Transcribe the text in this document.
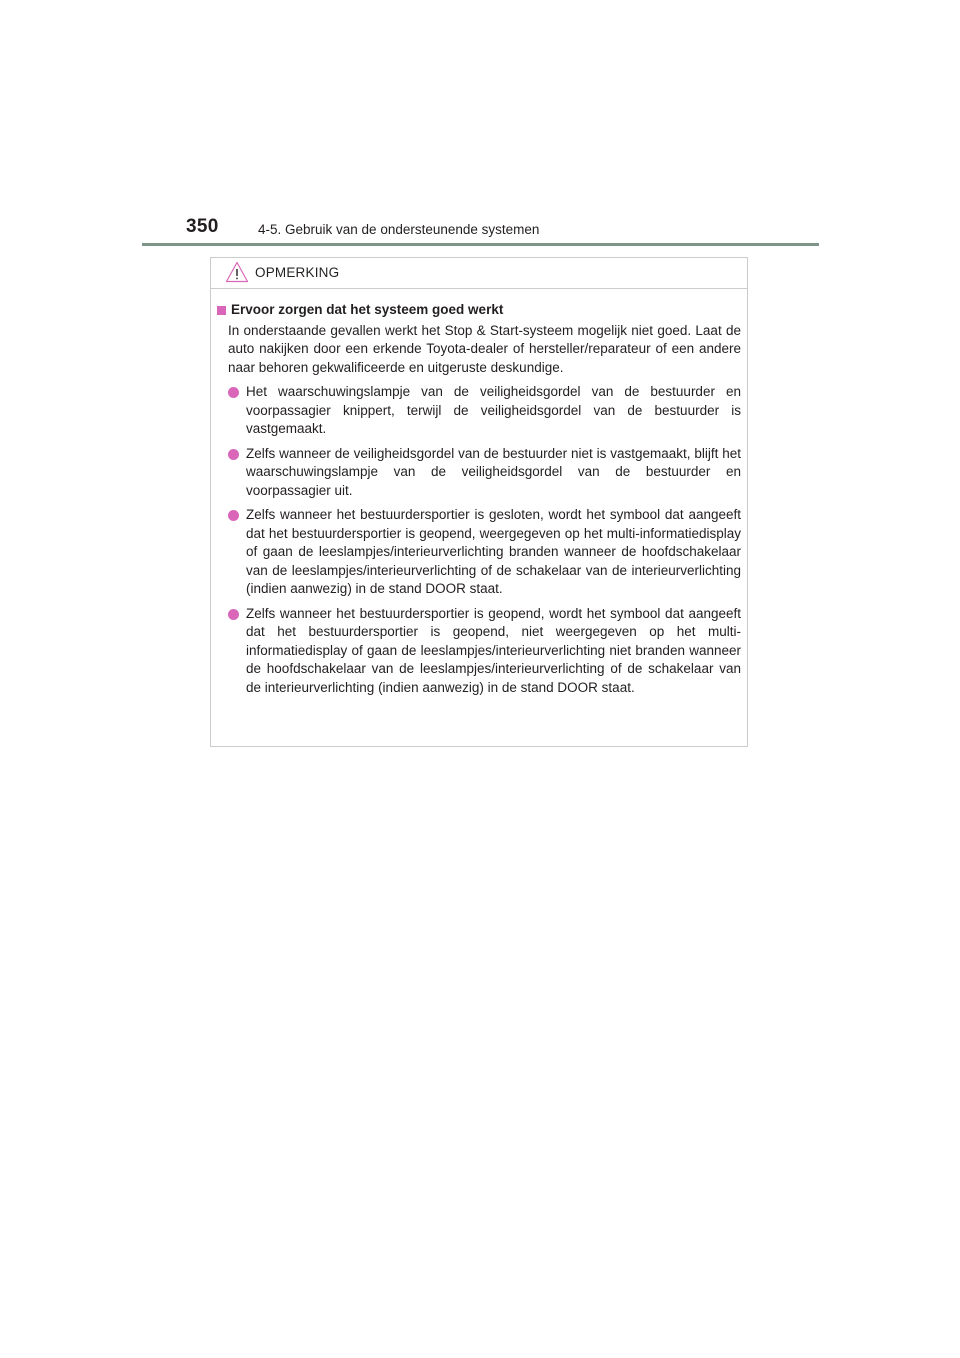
350	4-5. Gebruik van de ondersteunende systemen
OPMERKING
Ervoor zorgen dat het systeem goed werkt

In onderstaande gevallen werkt het Stop & Start-systeem mogelijk niet goed. Laat de auto nakijken door een erkende Toyota-dealer of hersteller/reparateur of een andere naar behoren gekwalificeerde en uitgeruste deskundige.

Het waarschuwingslampje van de veiligheidsgordel van de bestuurder en voorpassagier knippert, terwijl de veiligheidsgordel van de bestuurder is vastgemaakt.
Zelfs wanneer de veiligheidsgordel van de bestuurder niet is vastgemaakt, blijft het waarschuwingslampje van de veiligheidsgordel van de bestuurder en voorpassagier uit.
Zelfs wanneer het bestuurdersportier is gesloten, wordt het symbool dat aangeeft dat het bestuurdersportier is geopend, weergegeven op het multi-informatiedisplay of gaan de leeslampjes/interieurverlichting branden wanneer de hoofdschakelaar van de leeslampjes/interieurverlichting of de schakelaar van de interieurverlichting (indien aanwezig) in de stand DOOR staat.
Zelfs wanneer het bestuurdersportier is geopend, wordt het symbool dat aangeeft dat het bestuurdersportier is geopend, niet weergegeven op het multi-informatiedisplay of gaan de leeslampjes/interieurverlichting niet branden wanneer de hoofdschakelaar van de leeslampjes/interieurverlichting of de schakelaar van de interieurverlichting (indien aanwezig) in de stand DOOR staat.
